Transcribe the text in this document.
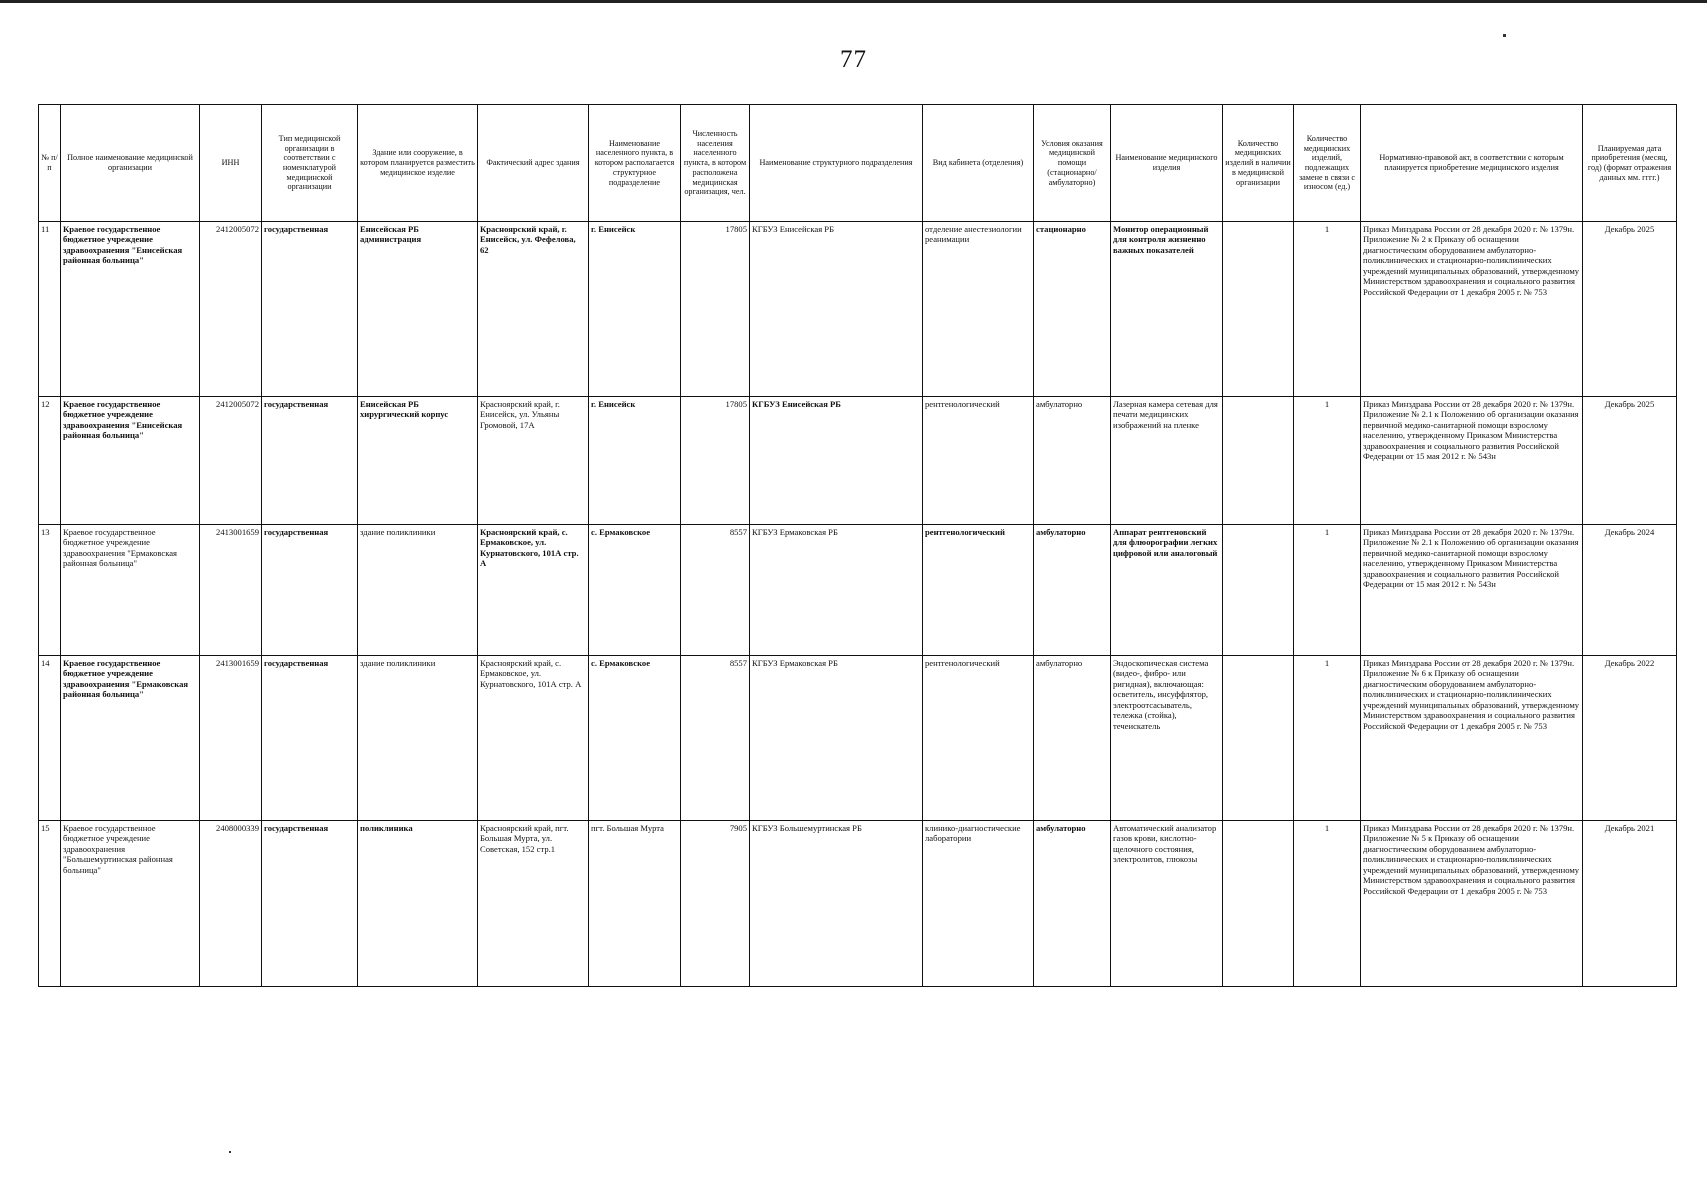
77
№ п/п	Полное наименование медицинской организации	ИНН	Тип медицинской организации в соответствии с номенклатурой медицинской организации	Здание или сооружение, в котором планируется разместить медицинское изделие	Фактический адрес здания	Наименование населенного пункта, в котором располагается структурное подразделение	Численность населения населенного пункта, в котором расположена медицинская организация, чел.	Наименование структурного подразделения	Вид кабинета (отделения)	Условия оказания медицинской помощи (стационарно/ амбулаторно)	Наименование медицинского изделия	Количество медицинских изделий в наличии в медицинской организации	Количество медицинских изделий, подлежащих замене в связи с износом (ед.)	Нормативно-правовой акт, в соответствии с которым планируется приобретение медицинского изделия	Планируемая дата приобретения (месяц, год) (формат отражения данных мм. гггг.)
11	Краевое государственное бюджетное учреждение здравоохранения "Енисейская районная больница"	2412005072	государственная	Енисейская РБ администрация	Красноярский край, г. Енисейск, ул. Фефелова, 62	г. Енисейск	17805	КГБУЗ Енисейская РБ	отделение анестезиологии реанимации	стационарно	Монитор операционный для контроля жизненно важных показателей		1	Приказ Минздрава России от 28 декабря 2020 г. № 1379н. Приложение № 2 к Приказу об оснащении диагностическим оборудованием амбулаторно-поликлинических и стационарно-поликлинических учреждений муниципальных образований, утвержденному Министерством здравоохранения и социального развития Российской Федерации от 1 декабря 2005 г. № 753	Декабрь 2025
12	Краевое государственное бюджетное учреждение здравоохранения "Енисейская районная больница"	2412005072	государственная	Енисейская РБ хирургический корпус	Красноярский край, г. Енисейск, ул. Ульяны Громовой, 17А	г. Енисейск	17805	КГБУЗ Енисейская РБ	рентгенологический	амбулаторно	Лазерная камера сетевая для печати медицинских изображений на пленке		1	Приказ Минздрава России от 28 декабря 2020 г. № 1379н. Приложение № 2.1 к Положению об организации оказания первичной медико-санитарной помощи взрослому населению, утвержденному Приказом Министерства здравоохранения и социального развития Российской Федерации от 15 мая 2012 г. № 543н	Декабрь 2025
13	Краевое государственное бюджетное учреждение здравоохранения "Ермаковская районная больница"	2413001659	государственная	здание поликлиники	Красноярский край, с. Ермаковское, ул. Курнатовского, 101А стр. А	с. Ермаковское	8557	КГБУЗ Ермаковская РБ	рентгенологический	амбулаторно	Аппарат рентгеновский для флюорографии легких цифровой или аналоговый		1	Приказ Минздрава России от 28 декабря 2020 г. № 1379н. Приложение № 2.1 к Положению об организации оказания первичной медико-санитарной помощи взрослому населению, утвержденному Приказом Министерства здравоохранения и социального развития Российской Федерации от 15 мая 2012 г. № 543н	Декабрь 2024
14	Краевое государственное бюджетное учреждение здравоохранения "Ермаковская районная больница"	2413001659	государственная	здание поликлиники	Красноярский край, с. Ермаковское, ул. Курнатовского, 101А стр. А	с. Ермаковское	8557	КГБУЗ Ермаковская РБ	рентгенологический	амбулаторно	Эндоскопическая система (видео-, фибро- или ригидная), включающая: осветитель, инсуффлятор, электроотсасыватель, тележка (стойка), течеискатель		1	Приказ Минздрава России от 28 декабря 2020 г. № 1379н. Приложение № 6 к Приказу об оснащении диагностическим оборудованием амбулаторно-поликлинических и стационарно-поликлинических учреждений муниципальных образований, утвержденному Министерством здравоохранения и социального развития Российской Федерации от 1 декабря 2005 г. № 753	Декабрь 2022
15	Краевое государственное бюджетное учреждение здравоохранения "Большемуртинская районная больница"	2408000339	государственная	поликлиника	Красноярский край, пгт. Большая Мурта, ул. Советская, 152 стр.1	пгт. Большая Мурта	7905	КГБУЗ Большемуртинская РБ	клинико-диагностические лаборатории	амбулаторно	Автоматический анализатор газов крови, кислотно-щелочного состояния, электролитов, глюкозы		1	Приказ Минздрава России от 28 декабря 2020 г. № 1379н. Приложение № 5 к Приказу об оснащении диагностическим оборудованием амбулаторно-поликлинических и стационарно-поликлинических учреждений муниципальных образований, утвержденному Министерством здравоохранения и социального развития Российской Федерации от 1 декабря 2005 г. № 753	Декабрь 2021
